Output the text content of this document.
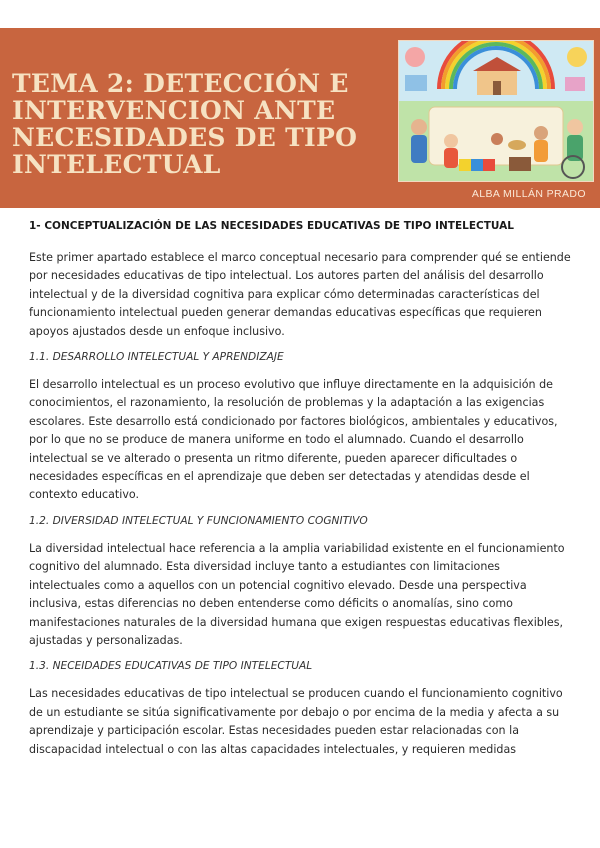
TEMA 2: DETECCIÓN E INTERVENCION ANTE NECESIDADES DE TIPO INTELECTUAL
ALBA MILLÁN PRADO
1- CONCEPTUALIZACIÓN DE LAS NECESIDADES EDUCATIVAS DE TIPO INTELECTUAL

Este primer apartado establece el marco conceptual necesario para comprender qué se entiende por necesidades educativas de tipo intelectual. Los autores parten del análisis del desarrollo intelectual y de la diversidad cognitiva para explicar cómo determinadas características del funcionamiento intelectual pueden generar demandas educativas específicas que requieren apoyos ajustados desde un enfoque inclusivo.

1.1. DESARROLLO INTELECTUAL Y APRENDIZAJE

El desarrollo intelectual es un proceso evolutivo que influye directamente en la adquisición de conocimientos, el razonamiento, la resolución de problemas y la adaptación a las exigencias escolares. Este desarrollo está condicionado por factores biológicos, ambientales y educativos, por lo que no se produce de manera uniforme en todo el alumnado. Cuando el desarrollo intelectual se ve alterado o presenta un ritmo diferente, pueden aparecer dificultades o necesidades específicas en el aprendizaje que deben ser detectadas y atendidas desde el contexto educativo.

1.2. DIVERSIDAD INTELECTUAL Y FUNCIONAMIENTO COGNITIVO

La diversidad intelectual hace referencia a la amplia variabilidad existente en el funcionamiento cognitivo del alumnado. Esta diversidad incluye tanto a estudiantes con limitaciones intelectuales como a aquellos con un potencial cognitivo elevado. Desde una perspectiva inclusiva, estas diferencias no deben entenderse como déficits o anomalías, sino como manifestaciones naturales de la diversidad humana que exigen respuestas educativas flexibles, ajustadas y personalizadas.

1.3. NECEIDADES EDUCATIVAS DE TIPO INTELECTUAL

Las necesidades educativas de tipo intelectual se producen cuando el funcionamiento cognitivo de un estudiante se sitúa significativamente por debajo o por encima de la media y afecta a su aprendizaje y participación escolar. Estas necesidades pueden estar relacionadas con la discapacidad intelectual o con las altas capacidades intelectuales, y requieren medidas
